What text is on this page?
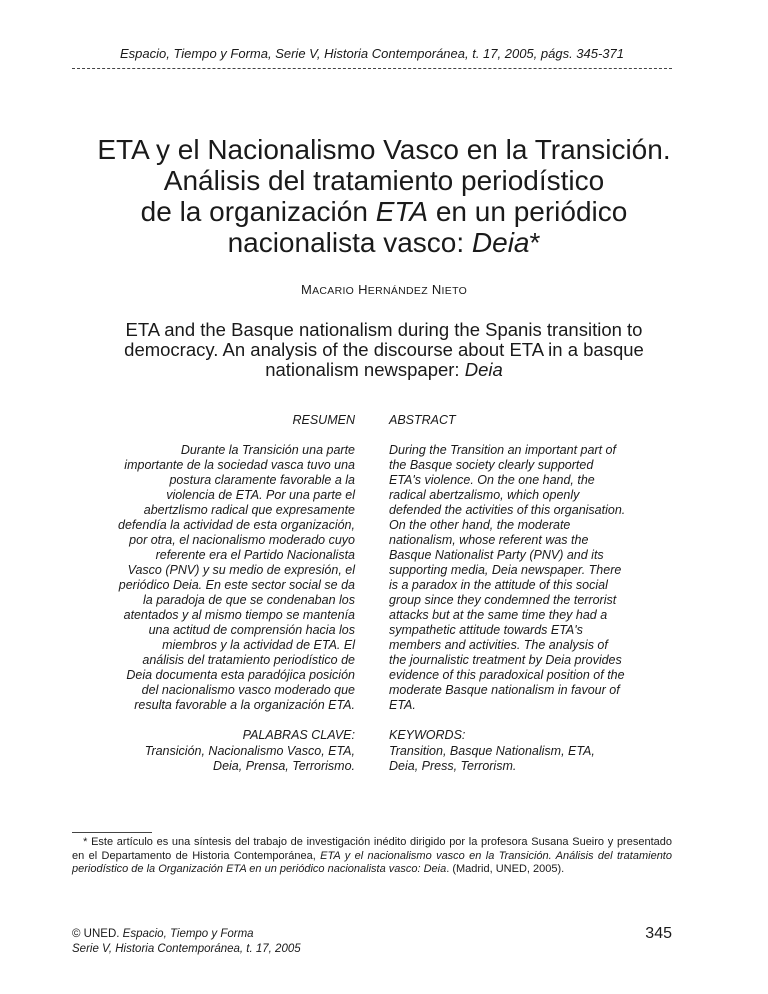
Espacio, Tiempo y Forma, Serie V, Historia Contemporánea, t. 17, 2005, págs. 345-371
ETA y el Nacionalismo Vasco en la Transición.
Análisis del tratamiento periodístico
de la organización ETA en un periódico
nacionalista vasco: Deia*
MACARIO HERNÁNDEZ NIETO
ETA and the Basque nationalism during the Spanis transition to
democracy. An analysis of the discourse about ETA in a basque
nationalism newspaper: Deia
RESUMEN	ABSTRACT
Durante la Transición una parte
importante de la sociedad vasca tuvo una
postura claramente favorable a la
violencia de ETA. Por una parte el
abertzlismo radical que expresamente
defendía la actividad de esta organización,
por otra, el nacionalismo moderado cuyo
referente era el Partido Nacionalista
Vasco (PNV) y su medio de expresión, el
periódico Deia. En este sector social se da
la paradoja de que se condenaban los
atentados y al mismo tiempo se mantenía
una actitud de comprensión hacia los
miembros y la actividad de ETA. El
análisis del tratamiento periodístico de
Deia documenta esta paradójica posición
del nacionalismo vasco moderado que
resulta favorable a la organización ETA.
During the Transition an important part of
the Basque society clearly supported
ETA's violence. On the one hand, the
radical abertzalismo, which openly
defended the activities of this organisation.
On the other hand, the moderate
nationalism, whose referent was the
Basque Nationalist Party (PNV) and its
supporting media, Deia newspaper. There
is a paradox in the attitude of this social
group since they condemned the terrorist
attacks but at the same time they had a
sympathetic attitude towards ETA's
members and activities. The analysis of
the journalistic treatment by Deia provides
evidence of this paradoxical position of the
moderate Basque nationalism in favour of
ETA.
PALABRAS CLAVE:	KEYWORDS:
Transición, Nacionalismo Vasco, ETA,
Deia, Prensa, Terrorismo.
Transition, Basque Nationalism, ETA,
Deia, Press, Terrorism.
* Este artículo es una síntesis del trabajo de investigación inédito dirigido por la profesora Susana Sueiro y presentado en el Departamento de Historia Contemporánea, ETA y el nacionalismo vasco en la Transición. Análisis del tratamiento periodístico de la Organización ETA en un periódico nacionalista vasco: Deia. (Madrid, UNED, 2005).
© UNED. Espacio, Tiempo y Forma
Serie V, Historia Contemporánea, t. 17, 2005
345
